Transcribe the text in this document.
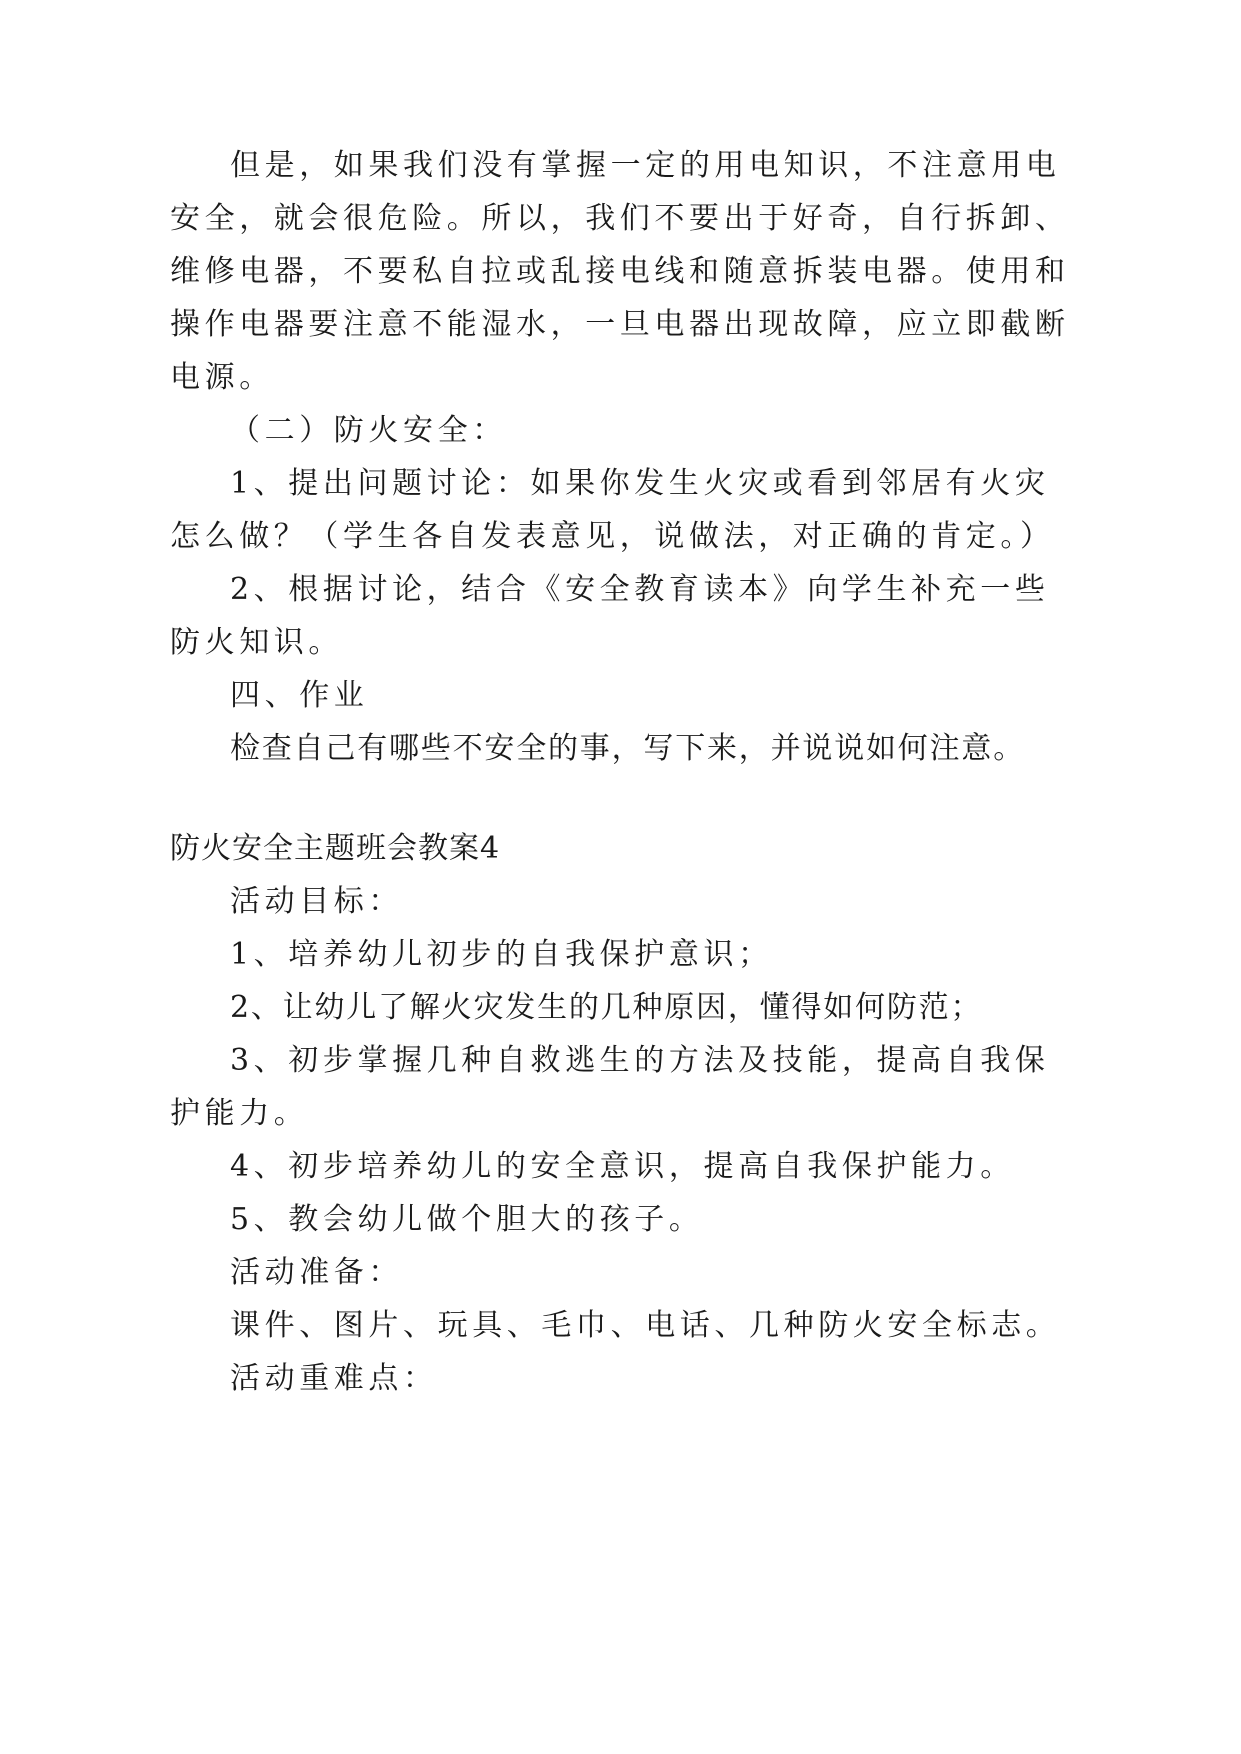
但是，如果我们没有掌握一定的用电知识，不注意用电
安全，就会很危险。所以，我们不要出于好奇，自行拆卸、
维修电器，不要私自拉或乱接电线和随意拆装电器。使用和
操作电器要注意不能湿水，一旦电器出现故障，应立即截断
电源。
（二）防火安全：
1、提出问题讨论：如果你发生火灾或看到邻居有火灾
怎么做？（学生各自发表意见，说做法，对正确的肯定。）
2、根据讨论，结合《安全教育读本》向学生补充一些
防火知识。
四、作业
检查自己有哪些不安全的事，写下来，并说说如何注意。
防火安全主题班会教案4
活动目标：
1、培养幼儿初步的自我保护意识；
2、让幼儿了解火灾发生的几种原因，懂得如何防范；
3、初步掌握几种自救逃生的方法及技能，提高自我保
护能力。
4、初步培养幼儿的安全意识，提高自我保护能力。
5、教会幼儿做个胆大的孩子。
活动准备：
课件、图片、玩具、毛巾、电话、几种防火安全标志。
活动重难点：
